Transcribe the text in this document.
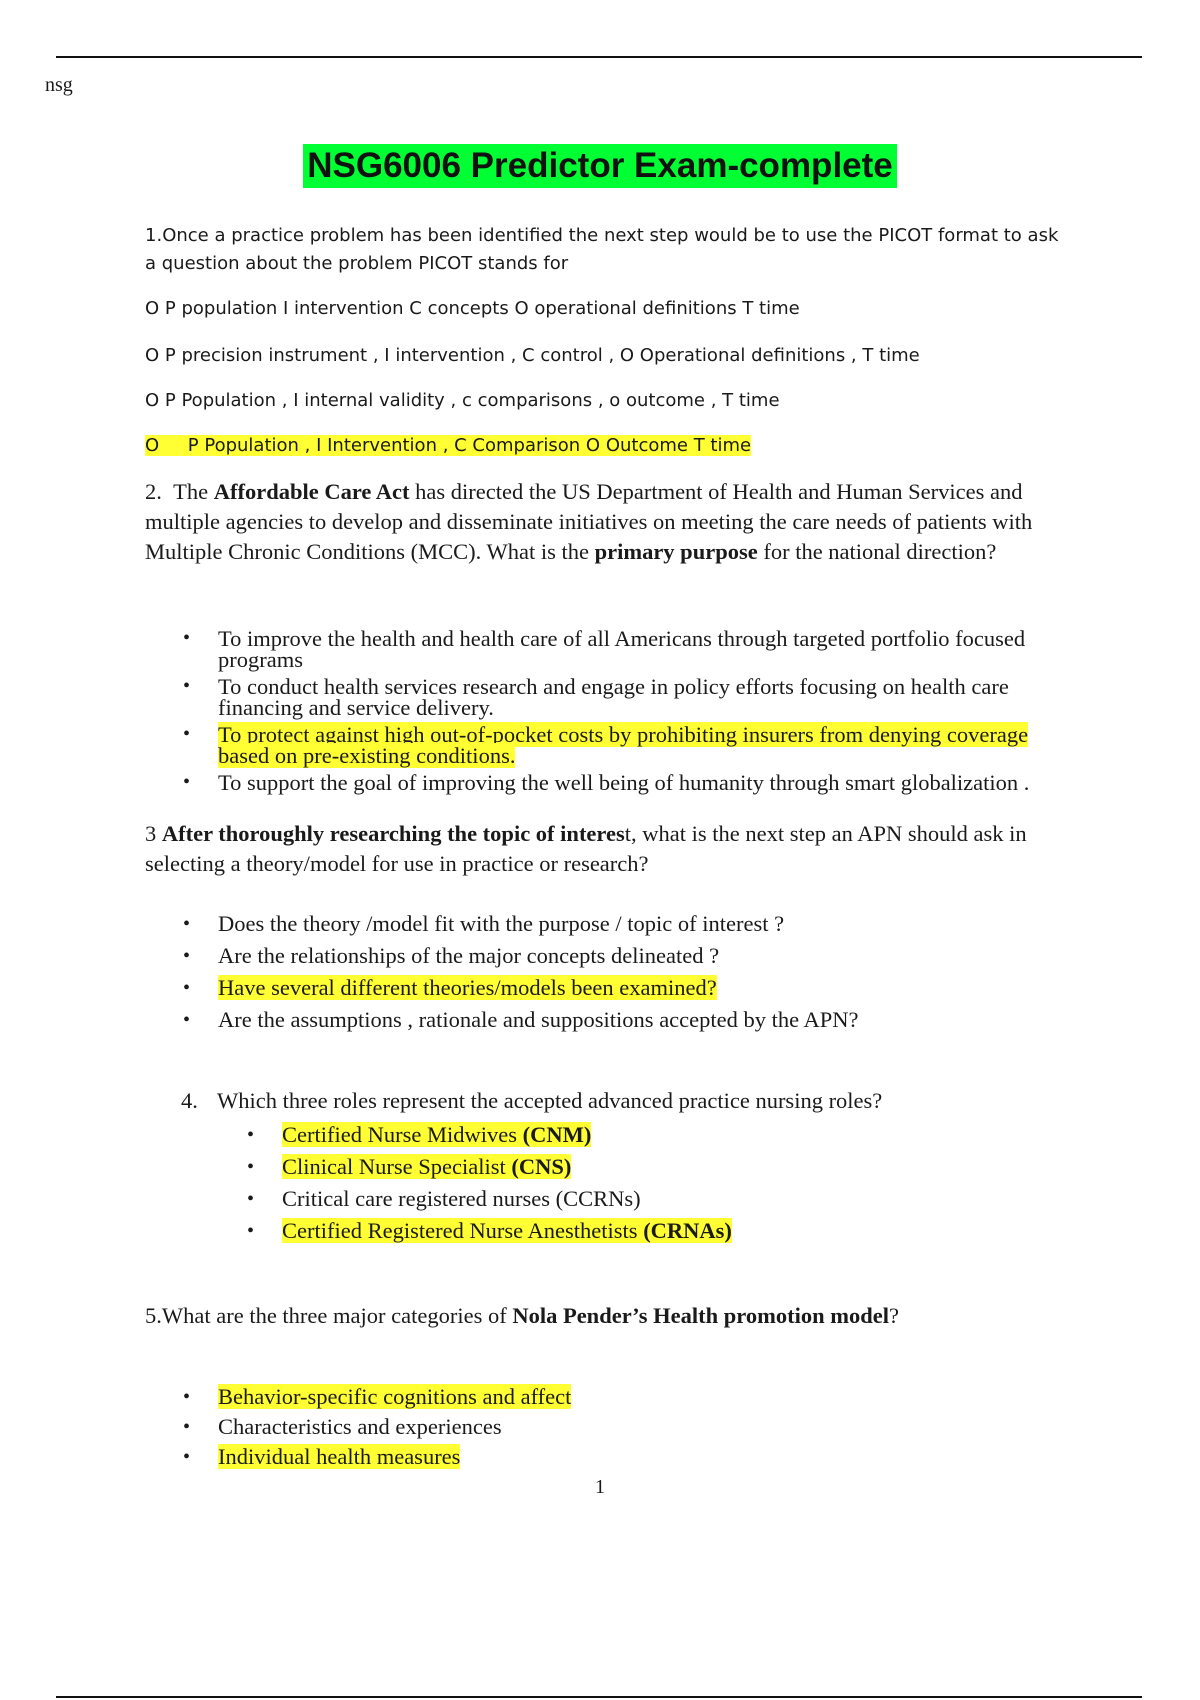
nsg
NSG6006 Predictor Exam-complete
1.Once a practice problem has been identified the next step would be to use the PICOT format to ask a question about the problem PICOT stands for
O P population I intervention C concepts O operational definitions T time
O P precision instrument , I intervention , C control , O Operational definitions , T time
O P Population , I internal validity , c comparisons , o outcome , T time
O     P Population , I Intervention , C Comparison O Outcome T time
2. The Affordable Care Act has directed the US Department of Health and Human Services and multiple agencies to develop and disseminate initiatives on meeting the care needs of patients with Multiple Chronic Conditions (MCC). What is the primary purpose for the national direction?
• To improve the health and health care of all Americans through targeted portfolio focused programs
• To conduct health services research and engage in policy efforts focusing on health care financing and service delivery.
• To protect against high out-of-pocket costs by prohibiting insurers from denying coverage based on pre-existing conditions.
• To support the goal of improving the well being of humanity through smart globalization .
3 After thoroughly researching the topic of interest, what is the next step an APN should ask in selecting a theory/model for use in practice or research?
• Does the theory /model fit with the purpose / topic of interest ?
• Are the relationships of the major concepts delineated ?
• Have several different theories/models been examined?
• Are the assumptions , rationale and suppositions accepted by the APN?
4. Which three roles represent the accepted advanced practice nursing roles?
• Certified Nurse Midwives (CNM)
• Clinical Nurse Specialist (CNS)
• Critical care registered nurses (CCRNs)
• Certified Registered Nurse Anesthetists (CRNAs)
5.What are the three major categories of Nola Pender’s Health promotion model?
• Behavior-specific cognitions and affect
• Characteristics and experiences
• Individual health measures
1
